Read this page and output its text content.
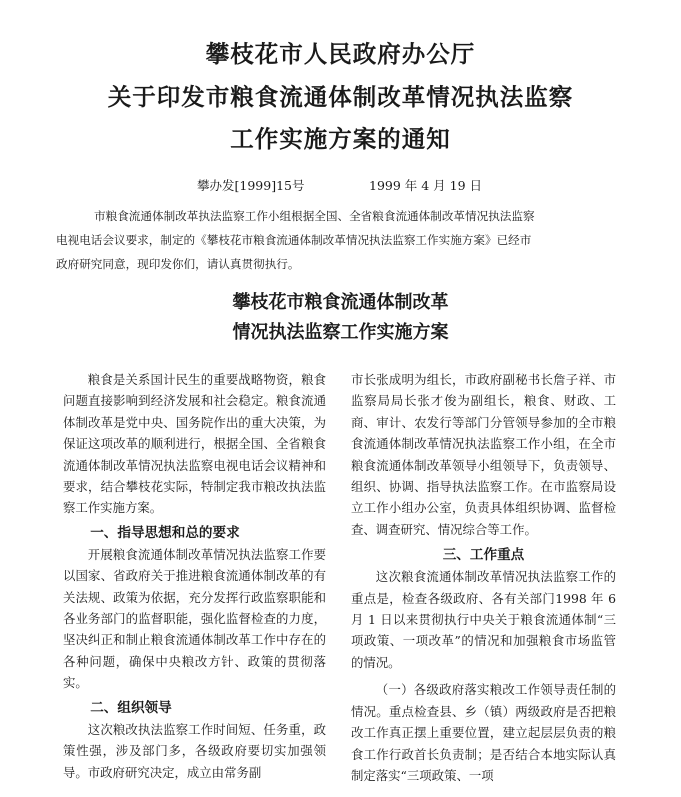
攀枝花市人民政府办公厅
关于印发市粮食流通体制改革情况执法监察
工作实施方案的通知
攀办发[1999]15号	1999 年 4 月 19 日
市粮食流通体制改革执法监察工作小组根据全国、全省粮食流通体制改革情况执法监察
电视电话会议要求，制定的《攀枝花市粮食流通体制改革情况执法监察工作实施方案》已经市
政府研究同意，现印发你们，请认真贯彻执行。
攀枝花市粮食流通体制改革
情况执法监察工作实施方案

粮食是关系国计民生的重要战略物资，粮食问题直接影响到经济发展和社会稳定。粮食流通体制改革是党中央、国务院作出的重大决策，为保证这项改革的顺利进行，根据全国、全省粮食流通体制改革情况执法监察电视电话会议精神和要求，结合攀枝花实际，特制定我市粮改执法监察工作实施方案。

一、指导思想和总的要求

开展粮食流通体制改革情况执法监察工作要以国家、省政府关于推进粮食流通体制改革的有关法规、政策为依据，充分发挥行政监察职能和各业务部门的监督职能，强化监督检查的力度，坚决纠正和制止粮食流通体制改革工作中存在的各种问题，确保中央粮改方针、政策的贯彻落实。

二、组织领导

这次粮改执法监察工作时间短、任务重，政策性强，涉及部门多，各级政府要切实加强领导。市政府研究决定，成立由常务副

市长张成明为组长，市政府副秘书长詹子祥、市监察局局长张才俊为副组长，粮食、财政、工商、审计、农发行等部门分管领导参加的全市粮食流通体制改革情况执法监察工作小组，在全市粮食流通体制改革领导小组领导下，负责领导、组织、协调、指导执法监察工作。在市监察局设立工作小组办公室，负责具体组织协调、监督检查、调查研究、情况综合等工作。

三、工作重点

这次粮食流通体制改革情况执法监察工作的重点是，检查各级政府、各有关部门1998 年 6 月 1 日以来贯彻执行中央关于粮食流通体制“三项政策、一项改革”的情况和加强粮食市场监管的情况。

（一）各级政府落实粮改工作领导责任制的情况。重点检查县、乡（镇）两级政府是否把粮改工作真正摆上重要位置，建立起层层负责的粮食工作行政首长负责制；是否结合本地实际认真制定落实“三项政策、一项
